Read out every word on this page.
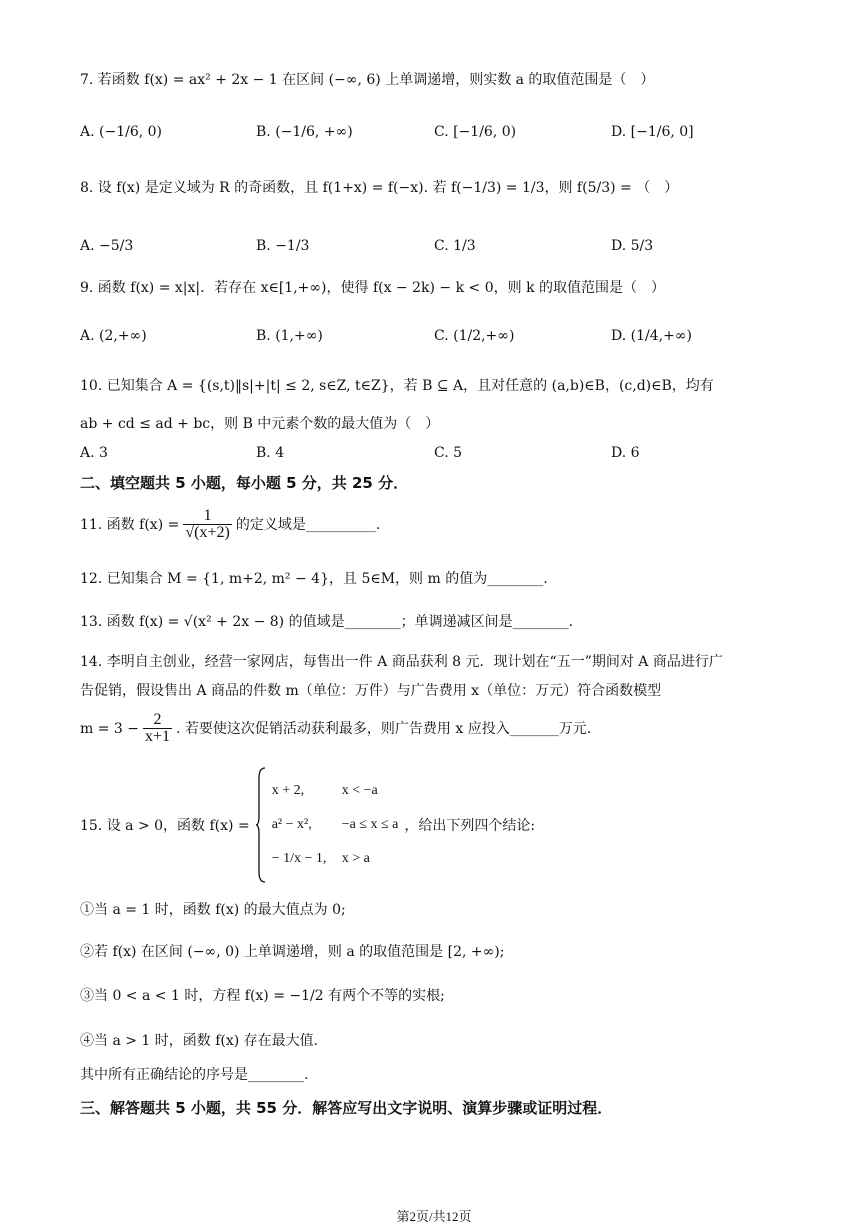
7. 若函数 f(x) = ax² + 2x − 1 在区间 (−∞, 6) 上单调递增，则实数 a 的取值范围是（　）
A. (−1/6, 0)	B. (−1/6, +∞)	C. [−1/6, 0)	D. [−1/6, 0]
8. 设 f(x) 是定义域为 R 的奇函数，且 f(1+x) = f(−x). 若 f(−1/3) = 1/3，则 f(5/3) = （　）
A. −5/3	B. −1/3	C. 1/3	D. 5/3
9. 函数 f(x) = x|x|．若存在 x∈[1,+∞)，使得 f(x − 2k) − k < 0，则 k 的取值范围是（　）
A. (2,+∞)	B. (1,+∞)	C. (1/2,+∞)	D. (1/4,+∞)
10. 已知集合 A = {(s,t)‖s|+|t| ≤ 2, s∈Z, t∈Z}，若 B ⊆ A，且对任意的 (a,b)∈B，(c,d)∈B，均有
ab + cd ≤ ad + bc，则 B 中元素个数的最大值为（　）
A. 3	B. 4	C. 5	D. 6
二、填空题共 5 小题，每小题 5 分，共 25 分．
11. 函数 $f(x) = \frac{1}{√(x+2)}$ 的定义域是__________.
12. 已知集合 M = {1, m+2, m² − 4}，且 5∈M，则 m 的值为________.
13. 函数 f(x) = √(x² + 2x − 8) 的值域是________；单调递减区间是________.
14. 李明自主创业，经营一家网店，每售出一件 A 商品获利 8 元．现计划在“五一”期间对 A 商品进行广
告促销，假设售出 A 商品的件数 m（单位：万件）与广告费用 x（单位：万元）符合函数模型
$m = 3 - \frac{2}{x+1}$ . 若要使这次促销活动获利最多，则广告费用 x 应投入_______万元.
15. 设 a > 0，函数 f(x) =
x + 2,	x < −a
a² − x²,	−a ≤ x ≤ a
− 1/x − 1,	x > a
，给出下列四个结论:
①当 a = 1 时，函数 f(x) 的最大值点为 0;
②若 f(x) 在区间 (−∞, 0) 上单调递增，则 a 的取值范围是 [2, +∞);
③当 0 < a < 1 时，方程 f(x) = −1/2 有两个不等的实根;
④当 a > 1 时，函数 f(x) 存在最大值.
其中所有正确结论的序号是________.
三、解答题共 5 小题，共 55 分．解答应写出文字说明、演算步骤或证明过程．
第2页/共12页
